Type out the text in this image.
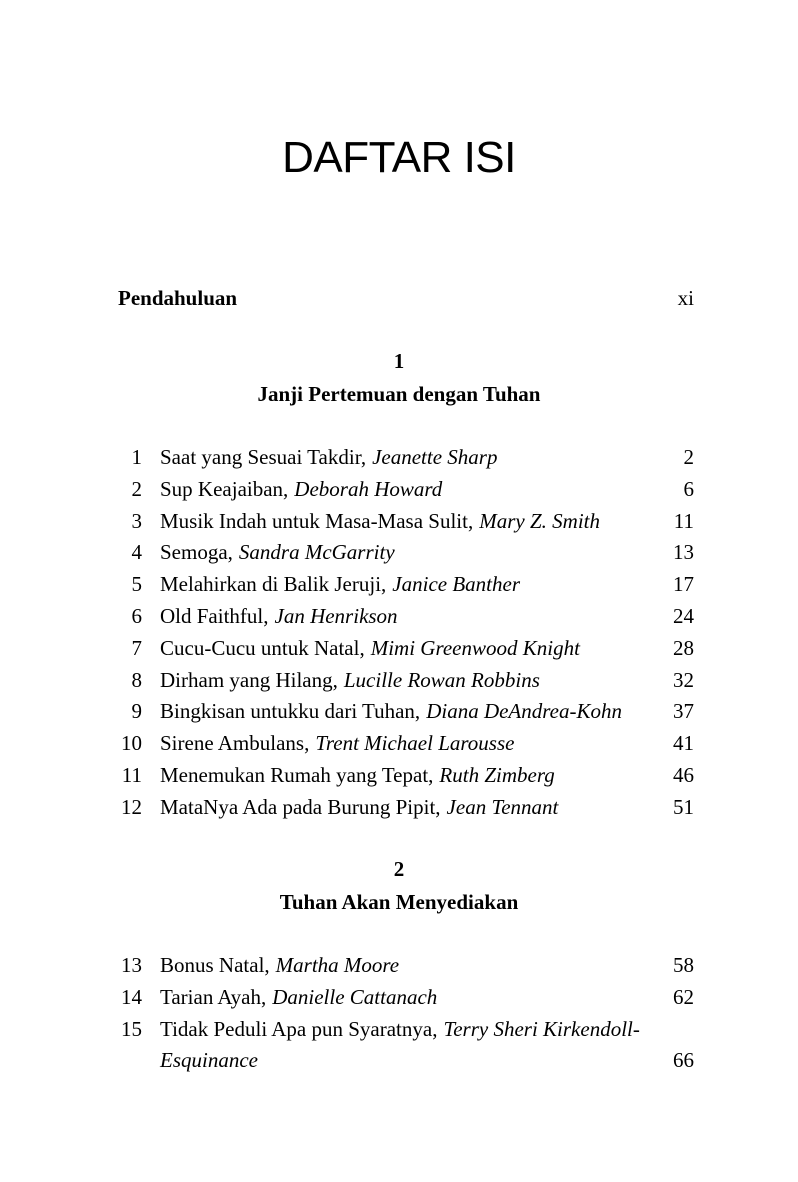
DAFTAR ISI
Pendahuluan	xi
1
Janji Pertemuan dengan Tuhan
1 Saat yang Sesuai Takdir, Jeanette Sharp	2
2 Sup Keajaiban, Deborah Howard	6
3 Musik Indah untuk Masa-Masa Sulit, Mary Z. Smith	11
4 Semoga, Sandra McGarrity	13
5 Melahirkan di Balik Jeruji, Janice Banther	17
6 Old Faithful, Jan Henrikson	24
7 Cucu-Cucu untuk Natal, Mimi Greenwood Knight	28
8 Dirham yang Hilang, Lucille Rowan Robbins	32
9 Bingkisan untukku dari Tuhan, Diana DeAndrea-Kohn	37
10 Sirene Ambulans, Trent Michael Larousse	41
11 Menemukan Rumah yang Tepat, Ruth Zimberg	46
12 MataNya Ada pada Burung Pipit, Jean Tennant	51
2
Tuhan Akan Menyediakan
13 Bonus Natal, Martha Moore	58
14 Tarian Ayah, Danielle Cattanach	62
15 Tidak Peduli Apa pun Syaratnya, Terry Sheri Kirkendoll-Esquinance	66
